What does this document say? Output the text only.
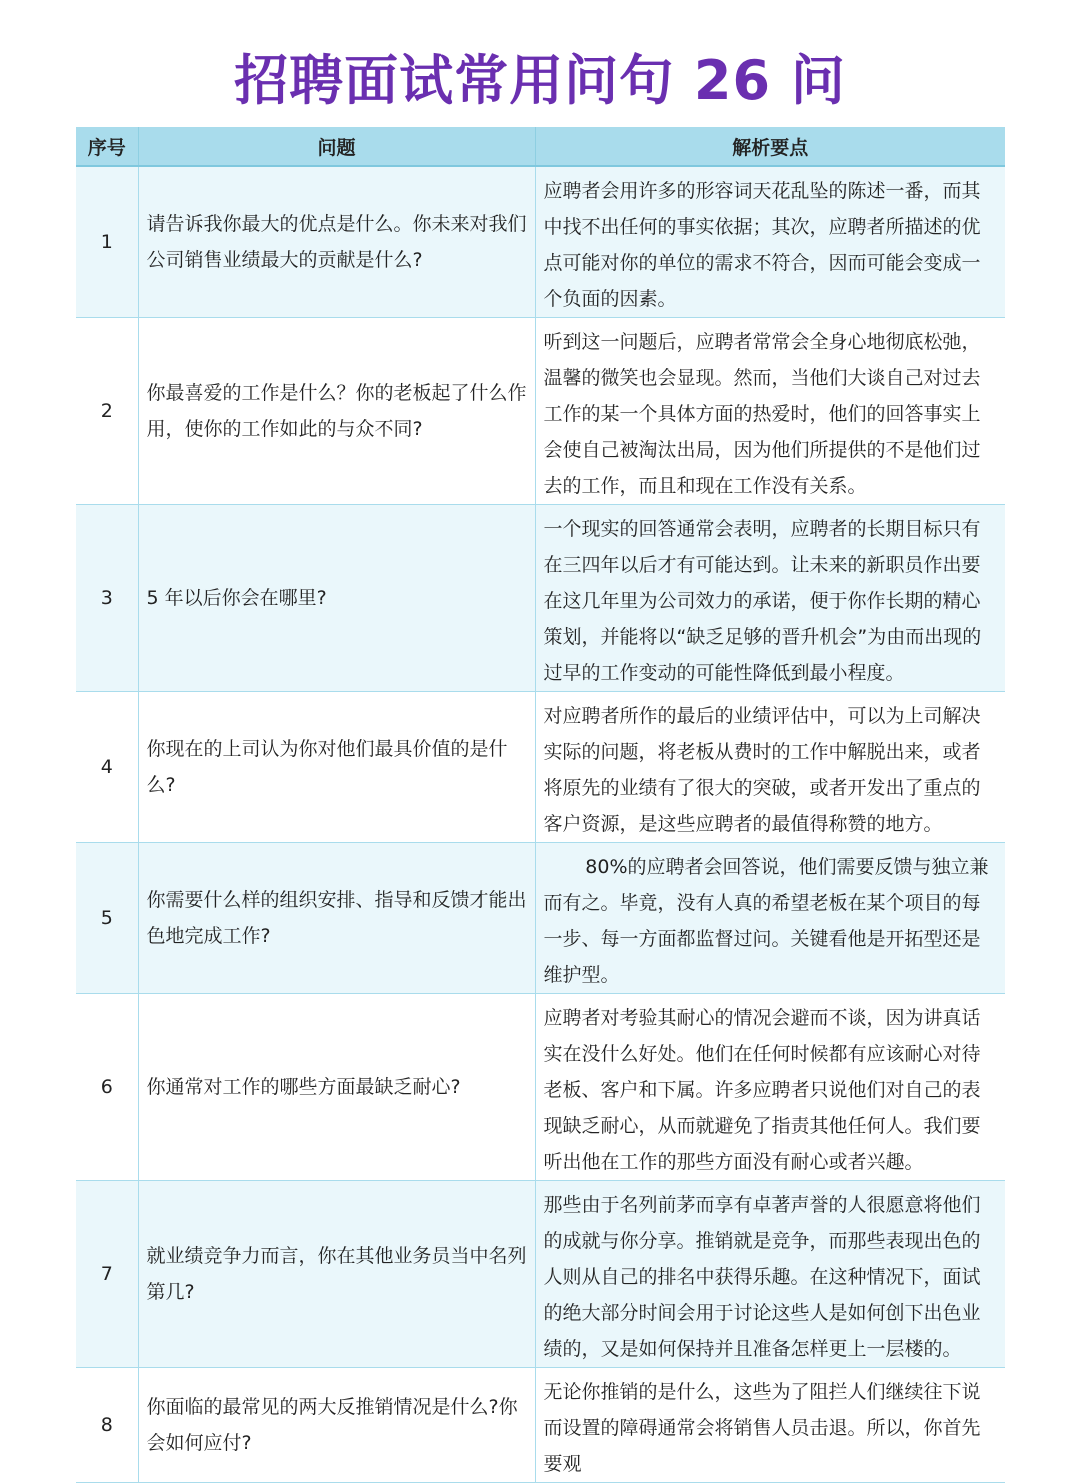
招聘面试常用问句 26 问
序号	问题	解析要点
1	请告诉我你最大的优点是什么。你未来对我们公司销售业绩最大的贡献是什么?	应聘者会用许多的形容词天花乱坠的陈述一番，而其中找不出任何的事实依据；其次，应聘者所描述的优点可能对你的单位的需求不符合，因而可能会变成一个负面的因素。
2	你最喜爱的工作是什么？你的老板起了什么作用，使你的工作如此的与众不同?	听到这一问题后，应聘者常常会全身心地彻底松弛，温馨的微笑也会显现。然而，当他们大谈自己对过去工作的某一个具体方面的热爱时，他们的回答事实上会使自己被淘汰出局，因为他们所提供的不是他们过去的工作，而且和现在工作没有关系。
3	5 年以后你会在哪里?	一个现实的回答通常会表明，应聘者的长期目标只有在三四年以后才有可能达到。让未来的新职员作出要在这几年里为公司效力的承诺，便于你作长期的精心策划，并能将以“缺乏足够的晋升机会”为由而出现的过早的工作变动的可能性降低到最小程度。
4	你现在的上司认为你对他们最具价值的是什么?	对应聘者所作的最后的业绩评估中，可以为上司解决实际的问题，将老板从费时的工作中解脱出来，或者将原先的业绩有了很大的突破，或者开发出了重点的客户资源，是这些应聘者的最值得称赞的地方。
5	你需要什么样的组织安排、指导和反馈才能出色地完成工作?	80%的应聘者会回答说，他们需要反馈与独立兼而有之。毕竟，没有人真的希望老板在某个项目的每一步、每一方面都监督过问。关键看他是开拓型还是维护型。
6	你通常对工作的哪些方面最缺乏耐心?	应聘者对考验其耐心的情况会避而不谈，因为讲真话实在没什么好处。他们在任何时候都有应该耐心对待老板、客户和下属。许多应聘者只说他们对自己的表现缺乏耐心，从而就避免了指责其他任何人。我们要听出他在工作的那些方面没有耐心或者兴趣。
7	就业绩竞争力而言，你在其他业务员当中名列第几?	那些由于名列前茅而享有卓著声誉的人很愿意将他们的成就与你分享。推销就是竞争，而那些表现出色的人则从自己的排名中获得乐趣。在这种情况下，面试的绝大部分时间会用于讨论这些人是如何创下出色业绩的，又是如何保持并且准备怎样更上一层楼的。
8	你面临的最常见的两大反推销情况是什么?你会如何应付?	无论你推销的是什么，这些为了阻拦人们继续往下说而设置的障碍通常会将销售人员击退。所以，你首先要观
